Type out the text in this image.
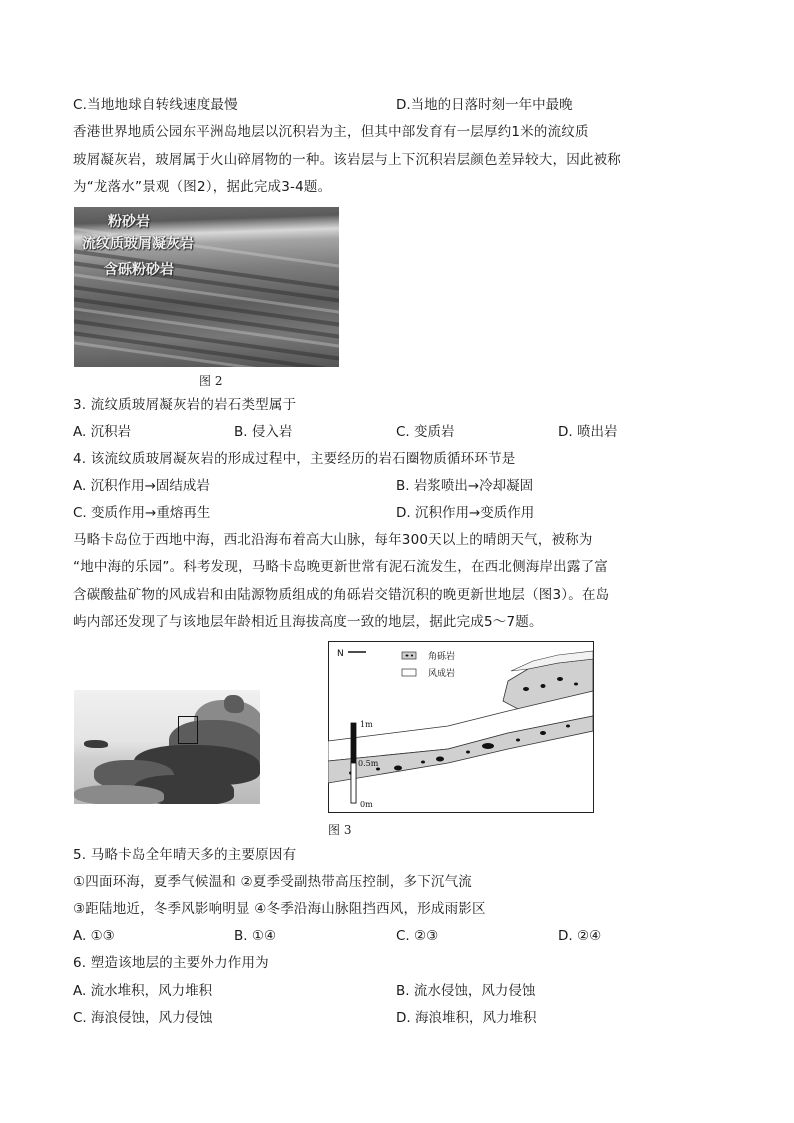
C.当地地球自转线速度最慢	D.当地的日落时刻一年中最晚
香港世界地质公园东平洲岛地层以沉积岩为主，但其中部发育有一层厚约1米的流纹质
玻屑凝灰岩，玻屑属于火山碎屑物的一种。该岩层与上下沉积岩层颜色差异较大，因此被称
为“龙落水”景观（图2），据此完成3-4题。
粉砂岩
流纹质玻屑凝灰岩
含砾粉砂岩
图 2
3. 流纹质玻屑凝灰岩的岩石类型属于
A. 沉积岩	B. 侵入岩	C. 变质岩	D. 喷出岩
4. 该流纹质玻屑凝灰岩的形成过程中，主要经历的岩石圈物质循环环节是
A. 沉积作用→固结成岩	B. 岩浆喷出→冷却凝固
C. 变质作用→重熔再生	D. 沉积作用→变质作用
马略卡岛位于西地中海，西北沿海布着高大山脉，每年300天以上的晴朗天气，被称为
“地中海的乐园”。科考发现，马略卡岛晚更新世常有泥石流发生，在西北侧海岸出露了富
含碳酸盐矿物的风成岩和由陆源物质组成的角砾岩交错沉积的晚更新世地层（图3）。在岛
屿内部还发现了与该地层年龄相近且海拔高度一致的地层，据此完成5～7题。
N	角砾岩
风成岩
1m
0.5m
0m
图 3
5. 马略卡岛全年晴天多的主要原因有
①四面环海，夏季气候温和 ②夏季受副热带高压控制，多下沉气流
③距陆地近，冬季风影响明显 ④冬季沿海山脉阻挡西风，形成雨影区
A. ①③	B. ①④	C. ②③	D. ②④
6. 塑造该地层的主要外力作用为
A. 流水堆积，风力堆积	B. 流水侵蚀，风力侵蚀
C. 海浪侵蚀，风力侵蚀	D. 海浪堆积，风力堆积
